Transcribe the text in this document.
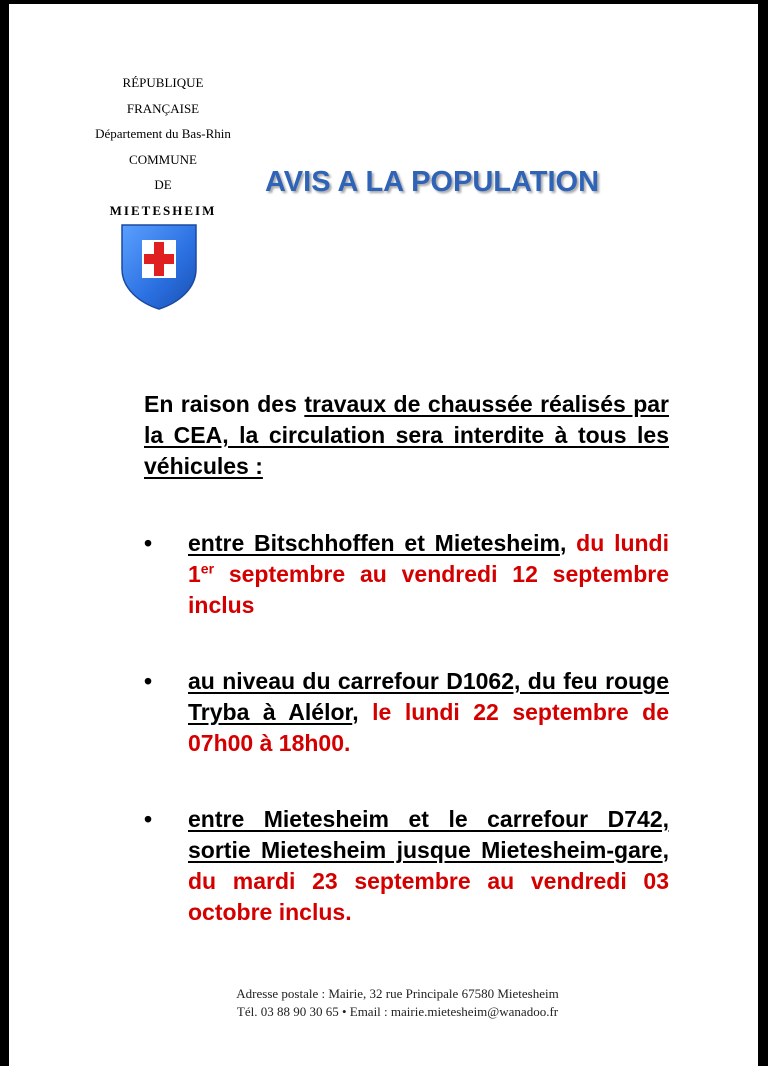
RÉPUBLIQUE
FRANÇAISE
Département du Bas-Rhin
COMMUNE
DE
MIETESHEIM
AVIS A LA POPULATION

En raison des travaux de chaussée réalisés par la CEA, la circulation sera interdite à tous les véhicules :

• entre Bitschhoffen et Mietesheim, du lundi 1er septembre au vendredi 12 septembre inclus

• au niveau du carrefour D1062, du feu rouge Tryba à Alélor, le lundi 22 septembre de 07h00 à 18h00.

• entre Mietesheim et le carrefour D742, sortie Mietesheim jusque Mietesheim-gare, du mardi 23 septembre au vendredi 03 octobre inclus.

Adresse postale : Mairie, 32 rue Principale 67580 Mietesheim
Tél. 03 88 90 30 65 • Email : mairie.mietesheim@wanadoo.fr
